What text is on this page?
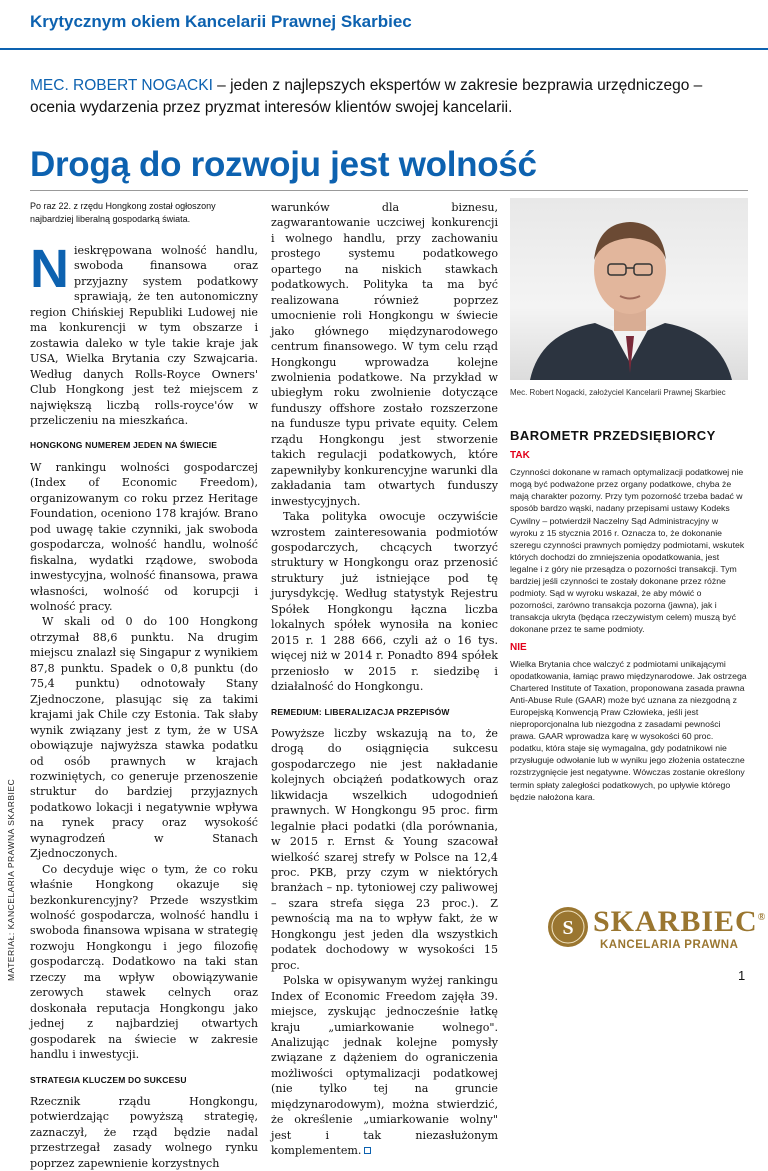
Krytycznym okiem Kancelarii Prawnej Skarbiec
MEC. ROBERT NOGACKI – jeden z najlepszych ekspertów w zakresie bezprawia urzędniczego – ocenia wydarzenia przez pryzmat interesów klientów swojej kancelarii.
Drogą do rozwoju jest wolność
MATERIAŁ: KANCELARIA PRAWNA SKARBIEC

Po raz 22. z rzędu Hongkong został ogłoszony najbardziej liberalną gospodarką świata.

N ieskrępowana wolność handlu, swoboda finansowa oraz przyjazny system podatkowy sprawiają, że ten autonomiczny region Chińskiej Republiki Ludowej nie ma konkurencji w tym obszarze i zostawia daleko w tyle takie kraje jak USA, Wielka Brytania czy Szwajcaria. Według danych Rolls-Royce Owners' Club Hongkong jest też miejscem z największą liczbą rolls-royce'ów w przeliczeniu na mieszkańca.

HONGKONG NUMEREM JEDEN NA ŚWIECIE

W rankingu wolności gospodarczej (Index of Economic Freedom), organizowanym co roku przez Heritage Foundation, oceniono 178 krajów. Brano pod uwagę takie czynniki, jak swoboda gospodarcza, wolność handlu, wolność fiskalna, wydatki rządowe, swoboda inwestycyjna, wolność finansowa, prawa własności, wolność od korupcji i wolność pracy.

W skali od 0 do 100 Hongkong otrzymał 88,6 punktu. Na drugim miejscu znalazł się Singapur z wynikiem 87,8 punktu. Spadek o 0,8 punktu (do 75,4 punktu) odnotowały Stany Zjednoczone, plasując się za takimi krajami jak Chile czy Estonia. Tak słaby wynik związany jest z tym, że w USA obowiązuje najwyższa stawka podatku od osób prawnych w krajach rozwiniętych, co generuje przenoszenie struktur do bardziej przyjaznych podatkowo lokacji i negatywnie wpływa na rynek pracy oraz wysokość wynagrodzeń w Stanach Zjednoczonych.

Co decyduje więc o tym, że co roku właśnie Hongkong okazuje się bezkonkurencyjny? Przede wszystkim wolność gospodarcza, wolność handlu i swoboda finansowa wpisana w strategię rozwoju Hongkongu i jego filozofię gospodarczą. Dodatkowo na taki stan rzeczy ma wpływ obowiązywanie zerowych stawek celnych oraz doskonała reputacja Hongkongu jako jednej z najbardziej otwartych gospodarek na świecie w zakresie handlu i inwestycji.

STRATEGIA KLUCZEM DO SUKCESU

Rzecznik rządu Hongkongu, potwierdzając powyższą strategię, zaznaczył, że rząd będzie nadal przestrzegał zasady wolnego rynku poprzez zapewnienie korzystnych

warunków dla biznesu, zagwarantowanie uczciwej konkurencji i wolnego handlu, przy zachowaniu prostego systemu podatkowego opartego na niskich stawkach podatkowych. Polityka ta ma być realizowana również poprzez umocnienie roli Hongkongu w świecie jako głównego międzynarodowego centrum finansowego. W tym celu rząd Hongkongu wprowadza kolejne zwolnienia podatkowe. Na przykład w ubiegłym roku zwolnienie dotyczące funduszy offshore zostało rozszerzone na fundusze typu private equity. Celem rządu Hongkongu jest stworzenie takich regulacji podatkowych, które zapewniłyby konkurencyjne warunki dla zakładania tam otwartych funduszy inwestycyjnych.

Taka polityka owocuje oczywiście wzrostem zainteresowania podmiotów gospodarczych, chcących tworzyć struktury w Hongkongu oraz przenosić struktury już istniejące pod tę jurysdykcję. Według statystyk Rejestru Spółek Hongkongu łączna liczba lokalnych spółek wynosiła na koniec 2015 r. 1 288 666, czyli aż o 16 tys. więcej niż w 2014 r. Ponadto 894 spółek przeniosło w 2015 r. siedzibę i działalność do Hongkongu.

REMEDIUM: LIBERALIZACJA PRZEPISÓW

Powyższe liczby wskazują na to, że drogą do osiągnięcia sukcesu gospodarczego nie jest nakładanie kolejnych obciążeń podatkowych oraz likwidacja wszelkich udogodnień prawnych. W Hongkongu 95 proc. firm legalnie płaci podatki (dla porównania, w 2015 r. Ernst & Young szacował wielkość szarej strefy w Polsce na 12,4 proc. PKB, przy czym w niektórych branżach – np. tytoniowej czy paliwowej – szara strefa sięga 23 proc.). Z pewnością ma na to wpływ fakt, że w Hongkongu jest jeden dla wszystkich podatek dochodowy w wysokości 15 proc.

Polska w opisywanym wyżej rankingu Index of Economic Freedom zajęła 39. miejsce, zyskując jednocześnie łatkę kraju „umiarkowanie wolnego". Analizując jednak kolejne pomysły związane z dążeniem do ograniczenia możliwości optymalizacji podatkowej (nie tylko tej na gruncie międzynarodowym), można stwierdzić, że określenie „umiarkowanie wolny" jest i tak niezasłużonym komplementem.

Mec. Robert Nogacki, założyciel Kancelarii Prawnej Skarbiec
BAROMETR PRZEDSIĘBIORCY
TAK

Czynności dokonane w ramach optymalizacji podatkowej nie mogą być podważone przez organy podatkowe, chyba że mają charakter pozorny. Przy tym pozorność trzeba badać w sposób bardzo wąski, nadany przepisami ustawy Kodeks Cywilny – potwierdził Naczelny Sąd Administracyjny w wyroku z 15 stycznia 2016 r. Oznacza to, że dokonanie szeregu czynności prawnych pomiędzy podmiotami, wskutek których dochodzi do zmniejszenia opodatkowania, jest legalne i z góry nie przesądza o pozorności transakcji. Tym bardziej jeśli czynności te zostały dokonane przez różne podmioty. Sąd w wyroku wskazał, że aby mówić o pozorności, zarówno transakcja pozorna (jawna), jak i transakcja ukryta (będąca rzeczywistym celem) muszą być dokonane przez te same podmioty.

NIE

Wielka Brytania chce walczyć z podmiotami unikającymi opodatkowania, łamiąc prawo międzynarodowe. Jak ostrzega Chartered Institute of Taxation, proponowana zasada prawna Anti-Abuse Rule (GAAR) może być uznana za niezgodną z Europejską Konwencją Praw Człowieka, jeśli jest nieproporcjonalna lub niezgodna z zasadami pewności prawa. GAAR wprowadza karę w wysokości 60 proc. podatku, która staje się wymagalna, gdy podatnikowi nie przysługuje odwołanie lub w wyniku jego złożenia ostateczne rozstrzygnięcie jest negatywne. Wówczas zostanie określony termin spłaty zaległości podatkowych, po upływie którego będzie nałożona kara.

S SKARBIEC®
KANCELARIA PRAWNA
1
